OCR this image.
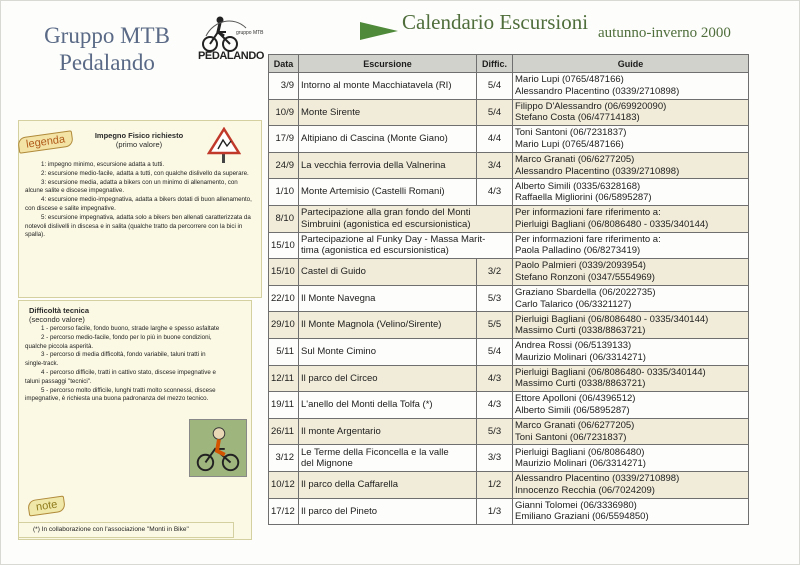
Gruppo MTB
Pedalando
gruppo MTB
PEDALANDO
Calendario Escursioni autunno-inverno 2000
Impegno Fisico richiesto
(primo valore)
1: impegno minimo, escursione adatta a tutti.
2: escursione medio-facile, adatta a tutti, con qualche dislivello da superare.
3: escursione media, adatta a bikers con un minimo di allenamento, con alcune salite e discese impegnative.
4: escursione medio-impegnativa, adatta a bikers dotati di buon allenamento, con discese e salite impegnative.
5: escursione impegnativa, adatta solo a bikers ben allenati caratterizzata da notevoli dislivelli in discesa e in salita (qualche tratto da percorrere con la bici in spalla).
legenda
Difficoltà tecnica
(secondo valore)
1 - percorso facile, fondo buono, strade larghe e spesso asfaltate
2 - percorso medio-facile, fondo per lo più in buone condizioni, qualche piccola asperità.
3 - percorso di media difficoltà, fondo variabile, taluni tratti in single-track.
4 - percorso difficile, tratti in cattivo stato, discese impegnative e taluni passaggi "tecnici".
5 - percorso molto difficile, lunghi tratti molto sconnessi, discese impegnative, è richiesta una buona padronanza del mezzo tecnico.
note
(*) In collaborazione con l'associazione "Monti in Bike"
Data	Escursione	Diffic.	Guide
3/9	Intorno al monte Macchiatavela (RI)	5/4	Mario Lupi (0765/487166)
Alessandro Placentino (0339/2710898)

10/9	Monte Sirente	5/4	Filippo D'Alessandro (06/69920090)
Stefano Costa (06/47714183)

17/9	Altipiano di Cascina (Monte Giano)	4/4	Toni Santoni (06/7231837)
Mario Lupi (0765/487166)

24/9	La vecchia ferrovia della Valnerina	3/4	Marco Granati (06/6277205)
Alessandro Placentino (0339/2710898)

1/10	Monte Artemisio (Castelli Romani)	4/3	Alberto Simili (0335/6328168)
Raffaella Migliorini (06/5895287)

8/10	Partecipazione alla gran fondo del Monti
Simbruini (agonistica ed escursionistica)		Per informazioni fare riferimento a:
Pierluigi Bagliani (06/8086480 - 0335/340144)

15/10	Partecipazione al Funky Day - Massa Marit-
tima (agonistica ed escursionistica)		Per informazioni fare riferimento a:
Paola Palladino (06/8273419)

15/10	Castel di Guido	3/2	Paolo Palmieri (0339/2093954)
Stefano Ronzoni (0347/5554969)

22/10	Il Monte Navegna	5/3	Graziano Sbardella (06/2022735)
Carlo Talarico (06/3321127)

29/10	Il Monte Magnola (Velino/Sirente)	5/5	Pierluigi Bagliani (06/8086480 - 0335/340144)
Massimo Curti (0338/8863721)

5/11	Sul Monte Cimino	5/4	Andrea Rossi (06/5139133)
Maurizio Molinari (06/3314271)

12/11	Il parco del Circeo	4/3	Pierluigi Bagliani (06/8086480- 0335/340144)
Massimo Curti (0338/8863721)

19/11	L'anello del Monti della Tolfa (*)	4/3	Ettore Apolloni (06/4396512)
Alberto Simili (06/5895287)

26/11	Il monte Argentario	5/3	Marco Granati (06/6277205)
Toni Santoni (06/7231837)

3/12	Le Terme della Ficoncella e la valle
del Mignone	3/3	Pierluigi Bagliani (06/8086480)
Maurizio Molinari (06/3314271)

10/12	Il parco della Caffarella	1/2	Alessandro Placentino (0339/2710898)
Innocenzo Recchia (06/7024209)

17/12	Il parco del Pineto	1/3	Gianni Tolomei (06/3336980)
Emiliano Graziani (06/5594850)
